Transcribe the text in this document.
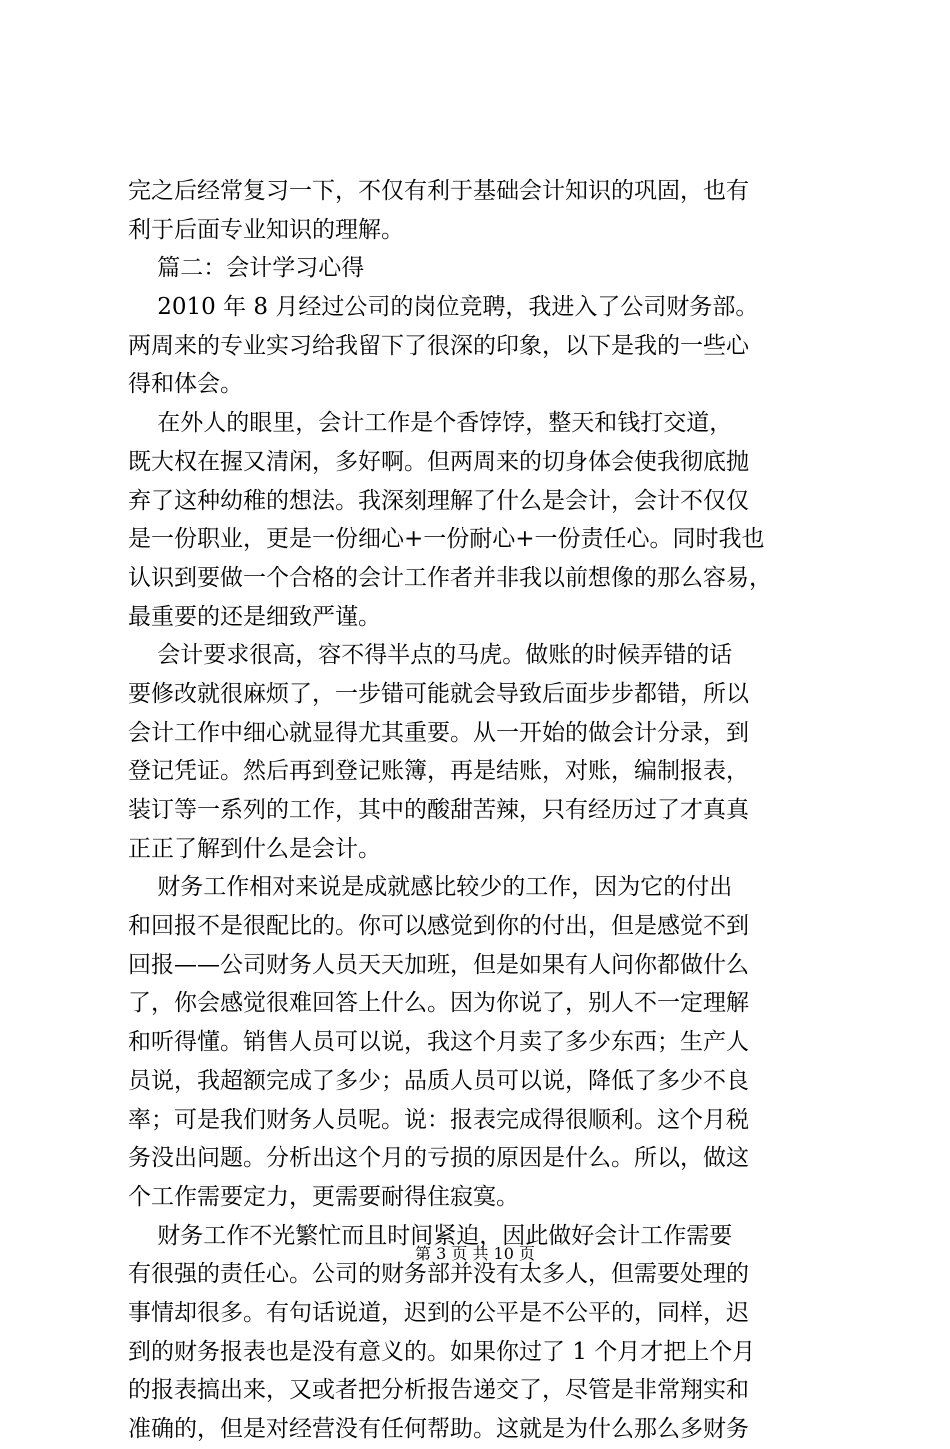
完之后经常复习一下，不仅有利于基础会计知识的巩固，也有
利于后面专业知识的理解。
篇二：会计学习心得
2010 年 8 月经过公司的岗位竞聘，我进入了公司财务部。
两周来的专业实习给我留下了很深的印象，以下是我的一些心
得和体会。
在外人的眼里，会计工作是个香饽饽，整天和钱打交道，
既大权在握又清闲，多好啊。但两周来的切身体会使我彻底抛
弃了这种幼稚的想法。我深刻理解了什么是会计，会计不仅仅
是一份职业，更是一份细心+一份耐心+一份责任心。同时我也
认识到要做一个合格的会计工作者并非我以前想像的那么容易，
最重要的还是细致严谨。
会计要求很高，容不得半点的马虎。做账的时候弄错的话
要修改就很麻烦了，一步错可能就会导致后面步步都错，所以
会计工作中细心就显得尤其重要。从一开始的做会计分录，到
登记凭证。然后再到登记账簿，再是结账，对账，编制报表，
装订等一系列的工作，其中的酸甜苦辣，只有经历过了才真真
正正了解到什么是会计。
财务工作相对来说是成就感比较少的工作，因为它的付出
和回报不是很配比的。你可以感觉到你的付出，但是感觉不到
回报——公司财务人员天天加班，但是如果有人问你都做什么
了，你会感觉很难回答上什么。因为你说了，别人不一定理解
和听得懂。销售人员可以说，我这个月卖了多少东西；生产人
员说，我超额完成了多少；品质人员可以说，降低了多少不良
率；可是我们财务人员呢。说：报表完成得很顺利。这个月税
务没出问题。分析出这个月的亏损的原因是什么。所以，做这
个工作需要定力，更需要耐得住寂寞。
财务工作不光繁忙而且时间紧迫，因此做好会计工作需要
有很强的责任心。公司的财务部并没有太多人，但需要处理的
事情却很多。有句话说道，迟到的公平是不公平的，同样，迟
到的财务报表也是没有意义的。如果你过了 1 个月才把上个月
的报表搞出来，又或者把分析报告递交了，尽管是非常翔实和
准确的，但是对经营没有任何帮助。这就是为什么那么多财务
第 3 页 共 10 页
